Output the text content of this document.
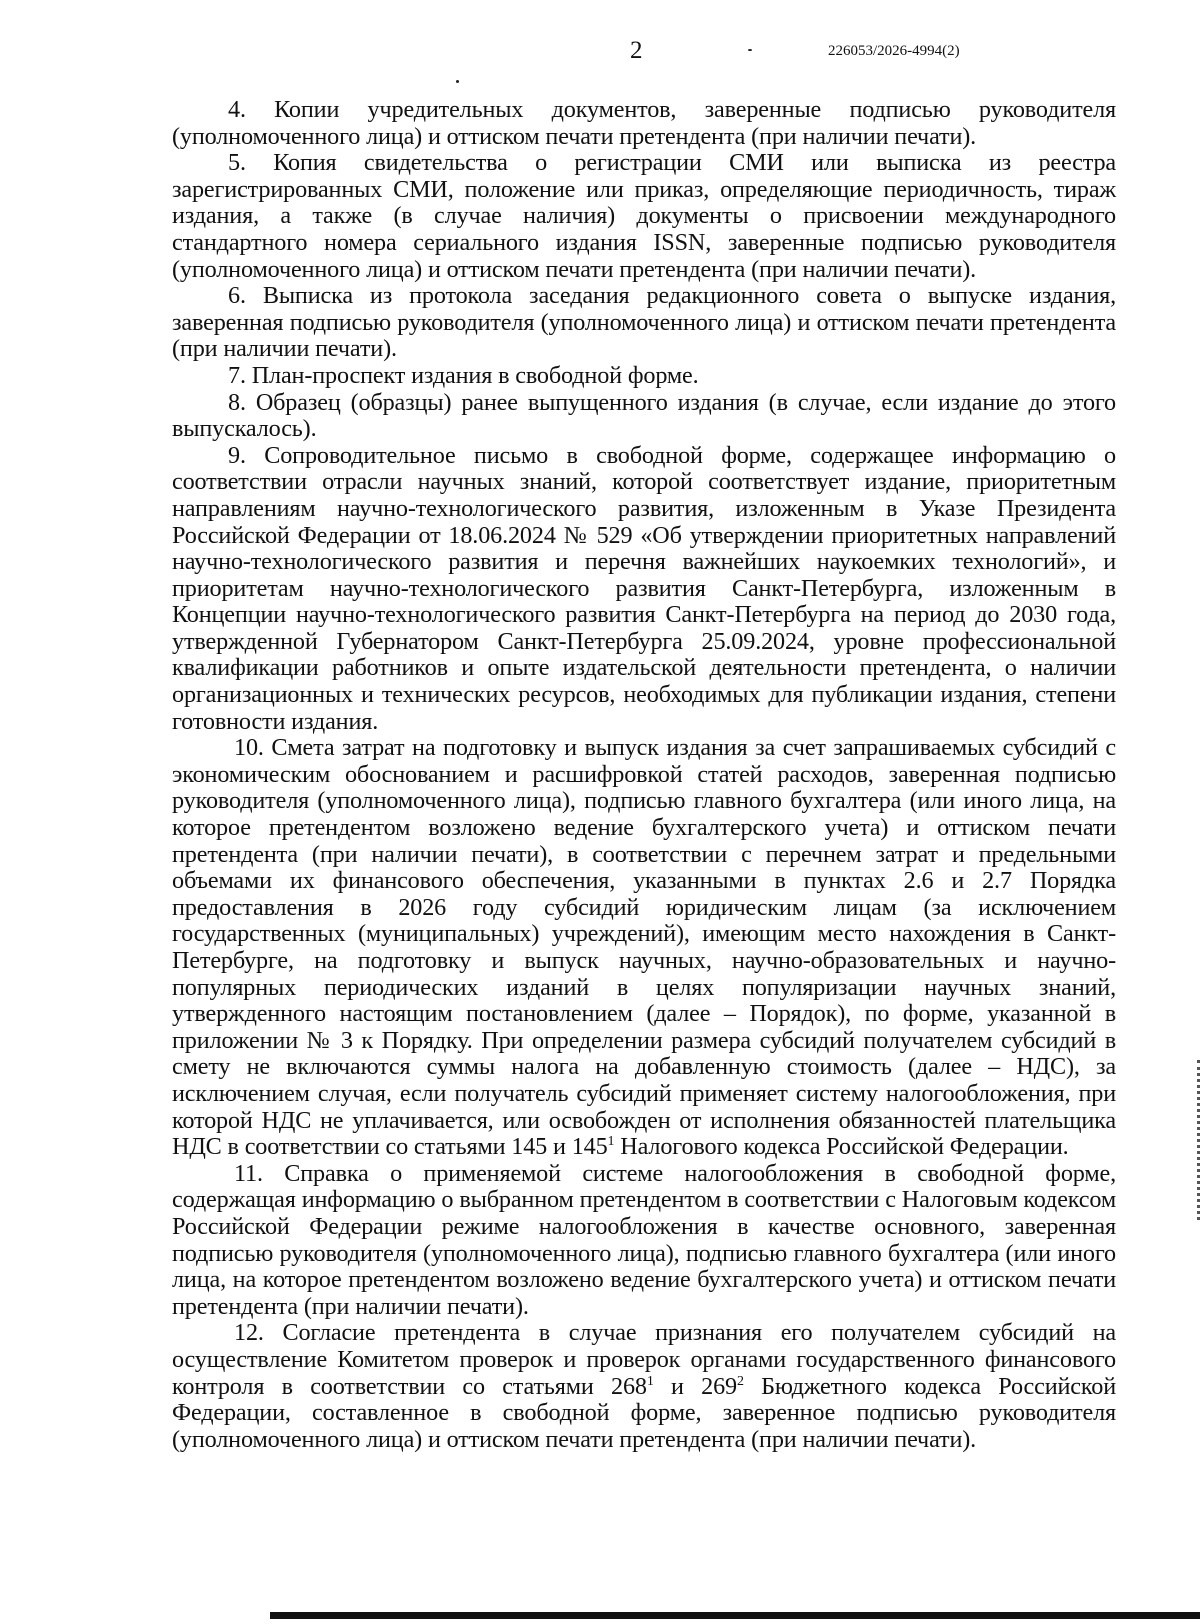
2	226053/2026-4994(2)

4. Копии учредительных документов, заверенные подписью руководителя (уполномоченного лица) и оттиском печати претендента (при наличии печати).

5. Копия свидетельства о регистрации СМИ или выписка из реестра зарегистрированных СМИ, положение или приказ, определяющие периодичность, тираж издания, а также (в случае наличия) документы о присвоении международного стандартного номера сериального издания ISSN, заверенные подписью руководителя (уполномоченного лица) и оттиском печати претендента (при наличии печати).

6. Выписка из протокола заседания редакционного совета о выпуске издания, заверенная подписью руководителя (уполномоченного лица) и оттиском печати претендента (при наличии печати).

7. План-проспект издания в свободной форме.

8. Образец (образцы) ранее выпущенного издания (в случае, если издание до этого выпускалось).

9. Сопроводительное письмо в свободной форме, содержащее информацию о соответствии отрасли научных знаний, которой соответствует издание, приоритетным направлениям научно-технологического развития, изложенным в Указе Президента Российской Федерации от 18.06.2024 № 529 «Об утверждении приоритетных направлений научно-технологического развития и перечня важнейших наукоемких технологий», и приоритетам научно-технологического развития Санкт-Петербурга, изложенным в Концепции научно-технологического развития Санкт-Петербурга на период до 2030 года, утвержденной Губернатором Санкт-Петербурга 25.09.2024, уровне профессиональной квалификации работников и опыте издательской деятельности претендента, о наличии организационных и технических ресурсов, необходимых для публикации издания, степени готовности издания.

10. Смета затрат на подготовку и выпуск издания за счет запрашиваемых субсидий с экономическим обоснованием и расшифровкой статей расходов, заверенная подписью руководителя (уполномоченного лица), подписью главного бухгалтера (или иного лица, на которое претендентом возложено ведение бухгалтерского учета) и оттиском печати претендента (при наличии печати), в соответствии с перечнем затрат и предельными объемами их финансового обеспечения, указанными в пунктах 2.6 и 2.7 Порядка предоставления в 2026 году субсидий юридическим лицам (за исключением государственных (муниципальных) учреждений), имеющим место нахождения в Санкт-Петербурге, на подготовку и выпуск научных, научно-образовательных и научно-популярных периодических изданий в целях популяризации научных знаний, утвержденного настоящим постановлением (далее – Порядок), по форме, указанной в приложении № 3 к Порядку. При определении размера субсидий получателем субсидий в смету не включаются суммы налога на добавленную стоимость (далее – НДС), за исключением случая, если получатель субсидий применяет систему налогообложения, при которой НДС не уплачивается, или освобожден от исполнения обязанностей плательщика НДС в соответствии со статьями 145 и $145^1$ Налогового кодекса Российской Федерации.

11. Справка о применяемой системе налогообложения в свободной форме, содержащая информацию о выбранном претендентом в соответствии с Налоговым кодексом Российской Федерации режиме налогообложения в качестве основного, заверенная подписью руководителя (уполномоченного лица), подписью главного бухгалтера (или иного лица, на которое претендентом возложено ведение бухгалтерского учета) и оттиском печати претендента (при наличии печати).

12. Согласие претендента в случае признания его получателем субсидий на осуществление Комитетом проверок и проверок органами государственного финансового контроля в соответствии со статьями $268^1$ и $269^2$ Бюджетного кодекса Российской Федерации, составленное в свободной форме, заверенное подписью руководителя (уполномоченного лица) и оттиском печати претендента (при наличии печати).
